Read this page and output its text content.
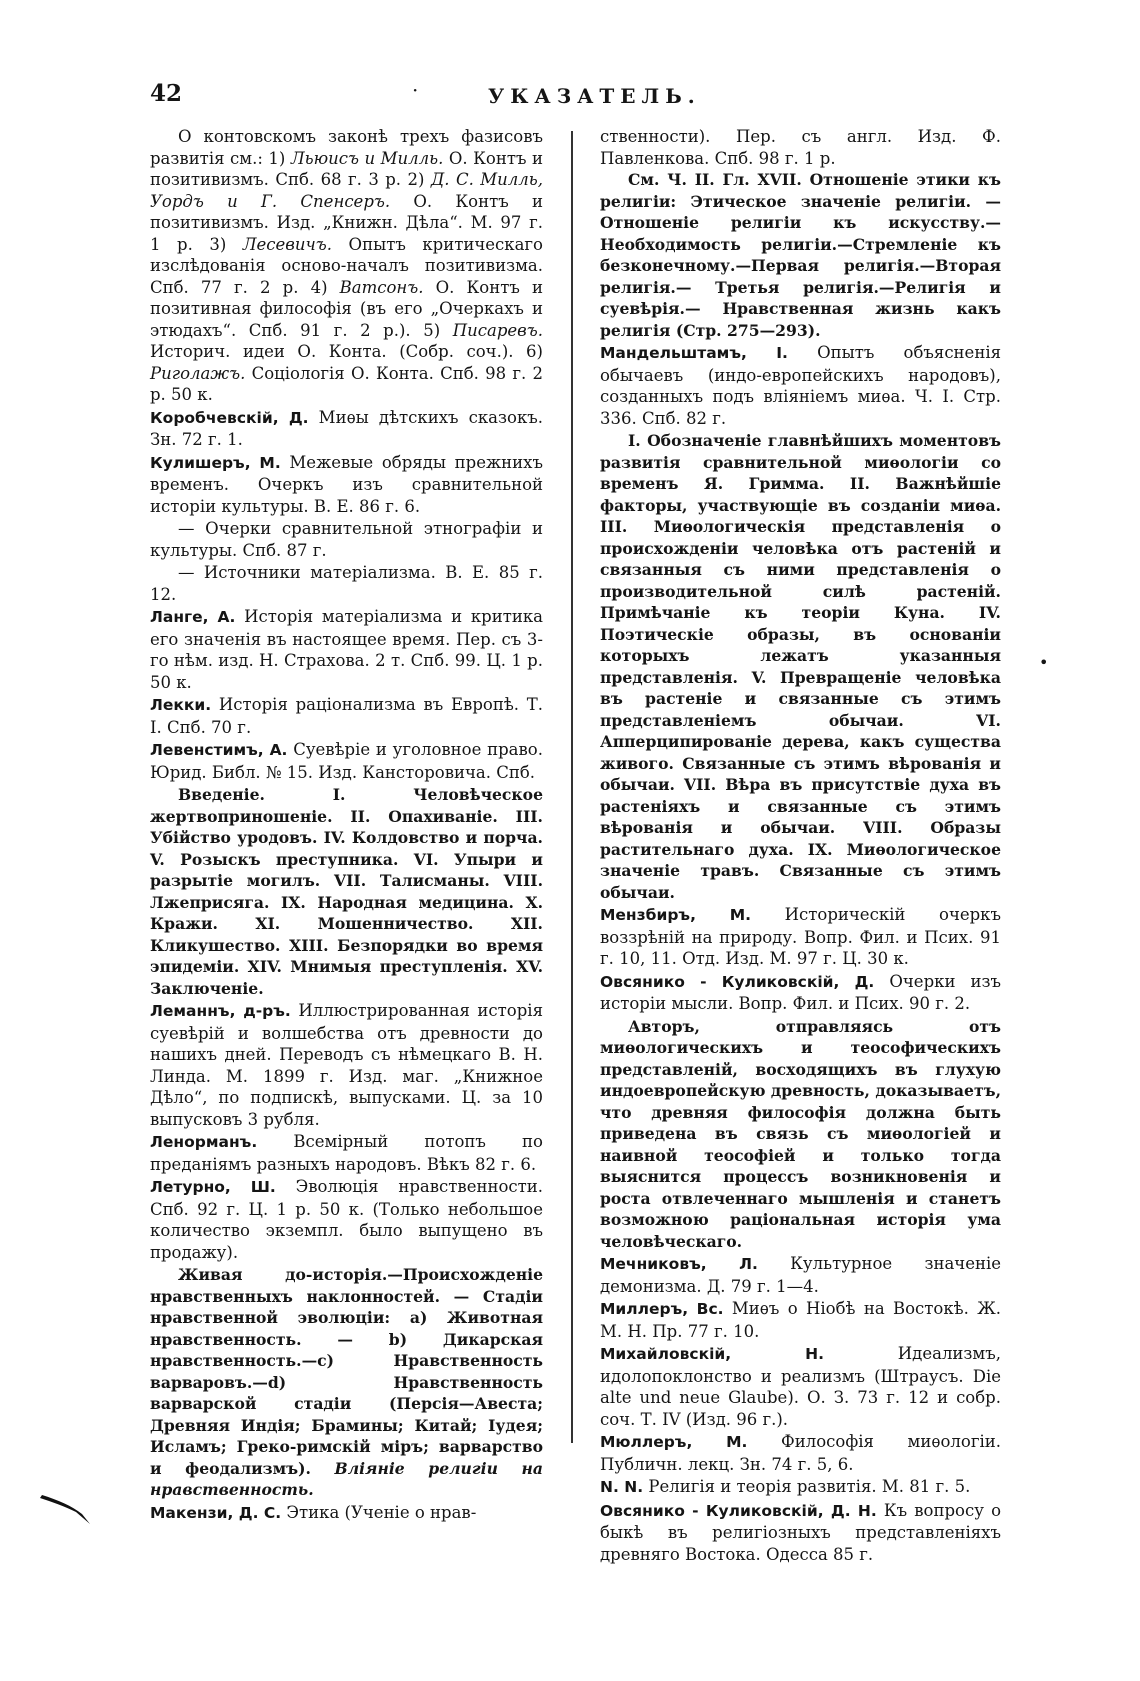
42	·	УКАЗАТЕЛЬ.

О контовскомъ законѣ трехъ фазисовъ развитія см.: 1) Льюисъ и Милль. О. Контъ и позитивизмъ. Спб. 68 г. 3 р. 2) Д. С. Милль, Уордъ и Г. Спенсеръ. О. Контъ и позитивизмъ. Изд. „Книжн. Дѣла“. М. 97 г. 1 р. 3) Лесевичъ. Опытъ критическаго изслѣдованія осново-началъ позитивизма. Спб. 77 г. 2 р. 4) Ватсонъ. О. Контъ и позитивная философія (въ его „Очеркахъ и этюдахъ“. Спб. 91 г. 2 р.). 5) Писаревъ. Историч. идеи О. Конта. (Собр. соч.). 6) Риголажъ. Соціологія О. Конта. Спб. 98 г. 2 р. 50 к.

Коробчевскій, Д. Миѳы дѣтскихъ сказокъ. Зн. 72 г. 1.

Кулишеръ, М. Межевые обряды прежнихъ временъ. Очеркъ изъ сравнительной исторіи культуры. В. Е. 86 г. 6.

— Очерки сравнительной этнографіи и культуры. Спб. 87 г.

— Источники матеріализма. В. Е. 85 г. 12.

Ланге, А. Исторія матеріализма и критика его значенія въ настоящее время. Пер. съ 3-го нѣм. изд. Н. Страхова. 2 т. Спб. 99. Ц. 1 р. 50 к.

Лекки. Исторія раціонализма въ Европѣ. Т. I. Спб. 70 г.

Левенстимъ, А. Суевѣріе и уголовное право. Юрид. Библ. № 15. Изд. Кансторовича. Спб.

Введеніе. I. Человѣческое жертвоприношеніе. II. Опахиваніе. III. Убійство уродовъ. IV. Колдовство и порча. V. Розыскъ преступника. VI. Упыри и разрытіе могилъ. VII. Талисманы. VIII. Лжеприсяга. IX. Народная медицина. X. Кражи. XI. Мошенничество. XII. Кликушество. XIII. Безпорядки во время эпидеміи. XIV. Мнимыя преступленія. XV. Заключеніе.

Леманнъ, д-ръ. Иллюстрированная исторія суевѣрій и волшебства отъ древности до нашихъ дней. Переводъ съ нѣмецкаго В. Н. Линда. М. 1899 г. Изд. маг. „Книжное Дѣло“, по подпискѣ, выпусками. Ц. за 10 выпусковъ 3 рубля.

Ленорманъ. Всемірный потопъ по преданіямъ разныхъ народовъ. Вѣкъ 82 г. 6.

Летурно, Ш. Эволюція нравственности. Спб. 92 г. Ц. 1 р. 50 к. (Только небольшое количество экземпл. было выпущено въ продажу).

Живая до-исторія.—Происхожденіе нравственныхъ наклонностей. — Стадіи нравственной эволюціи: a) Животная нравственность. — b) Дикарская нравственность.—c) Нравственность варваровъ.—d) Нравственность варварской стадіи (Персія—Авеста; Древняя Индія; Брамины; Китай; Іудея; Исламъ; Греко-римскій міръ; варварство и феодализмъ). Вліяніе религіи на нравственность.

Макензи, Д. С. Этика (Ученіе о нрав-

ственности). Пер. съ англ. Изд. Ф. Павленкова. Спб. 98 г. 1 р.

См. Ч. II. Гл. XVII. Отношеніе этики къ религіи: Этическое значеніе религіи. — Отношеніе религіи къ искусству.—Необходимость религіи.—Стремленіе къ безконечному.—Первая религія.—Вторая религія.— Третья религія.—Религія и суевѣрія.— Нравственная жизнь какъ религія (Стр. 275—293).

Мандельштамъ, I. Опытъ объясненія обычаевъ (индо-европейскихъ народовъ), созданныхъ подъ вліяніемъ миѳа. Ч. I. Стр. 336. Спб. 82 г.

I. Обозначеніе главнѣйшихъ моментовъ развитія сравнительной миѳологіи со временъ Я. Гримма. II. Важнѣйшіе факторы, участвующіе въ созданіи миѳа. III. Миѳологическія представленія о происхожденіи человѣка отъ растеній и связанныя съ ними представленія о производительной силѣ растеній. Примѣчаніе къ теоріи Куна. IV. Поэтическіе образы, въ основаніи которыхъ лежатъ указанныя представленія. V. Превращеніе человѣка въ растеніе и связанные съ этимъ представленіемъ обычаи. VI. Апперципированіе дерева, какъ существа живого. Связанные съ этимъ вѣрованія и обычаи. VII. Вѣра въ присутствіе духа въ растеніяхъ и связанные съ этимъ вѣрованія и обычаи. VIII. Образы растительнаго духа. IX. Миѳологическое значеніе травъ. Связанные съ этимъ обычаи.

Мензбиръ, М. Историческій очеркъ воззрѣній на природу. Вопр. Фил. и Псих. 91 г. 10, 11. Отд. Изд. М. 97 г. Ц. 30 к.

Овсянико - Куликовскій, Д. Очерки изъ исторіи мысли. Вопр. Фил. и Псих. 90 г. 2.

Авторъ, отправляясь отъ миѳологическихъ и теософическихъ представленій, восходящихъ въ глухую индоевропейскую древность, доказываетъ, что древняя философія должна быть приведена въ связь съ миѳологіей и наивной теософіей и только тогда выяснится процессъ возникновенія и роста отвлеченнаго мышленія и станетъ возможною раціональная исторія ума человѣческаго.

Мечниковъ, Л. Культурное значеніе демонизма. Д. 79 г. 1—4.

Миллеръ, Вс. Миѳъ о Ніобѣ на Востокѣ. Ж. М. Н. Пр. 77 г. 10.

Михайловскій, Н. Идеализмъ, идолопоклонство и реализмъ (Штраусъ. Die alte und neue Glaube). О. З. 73 г. 12 и собр. соч. Т. IV (Изд. 96 г.).

Мюллеръ, М. Философія миѳологіи. Публичн. лекц. Зн. 74 г. 5, 6.

N. N. Религія и теорія развитія. М. 81 г. 5.

Овсянико - Куликовскій, Д. Н. Къ вопросу о быкѣ въ религіозныхъ представленіяхъ древняго Востока. Одесса 85 г.

•
